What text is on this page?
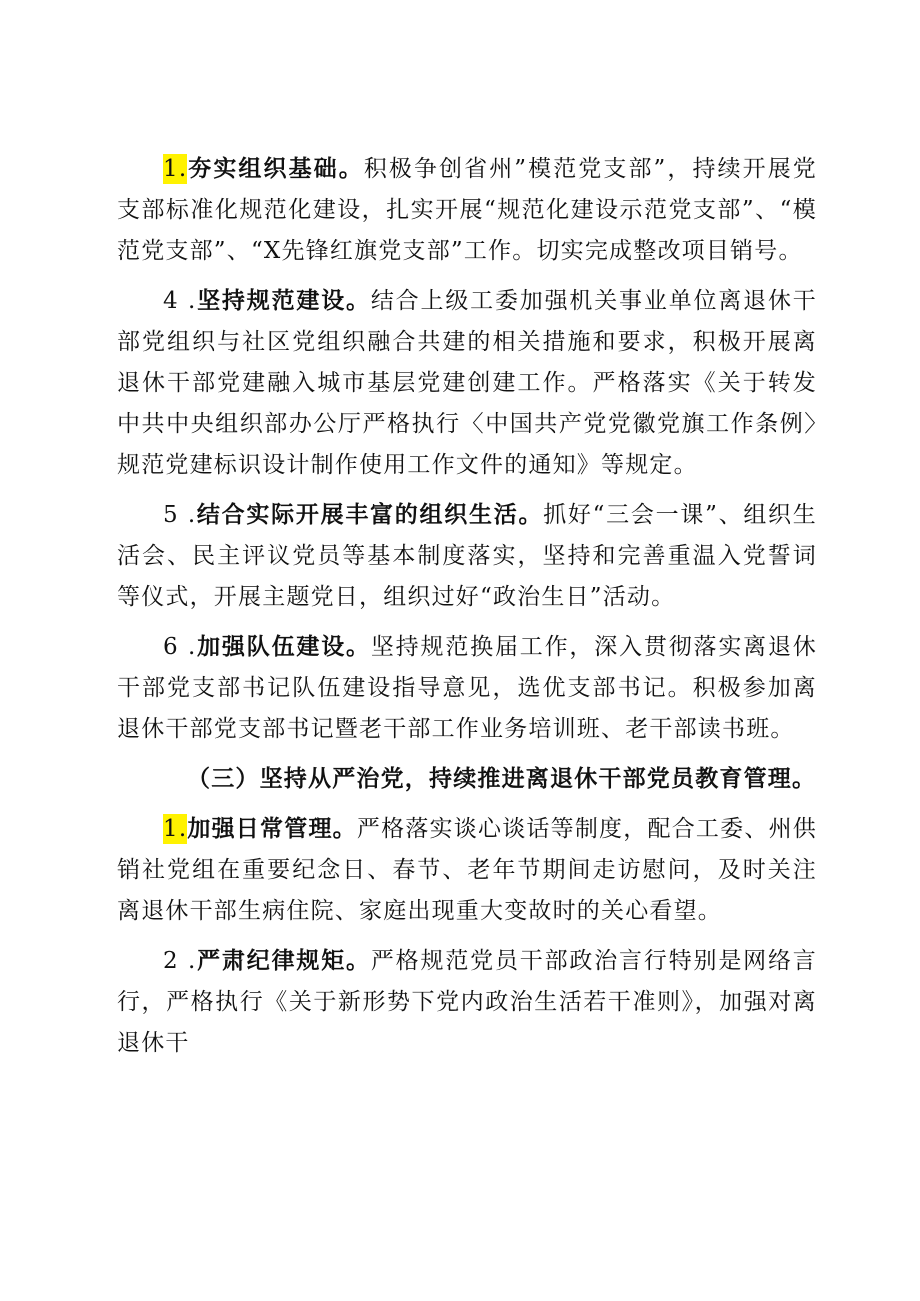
1.夯实组织基础。积极争创省州”模范党支部”，持续开展党支部标准化规范化建设，扎实开展“规范化建设示范党支部”、“模范党支部”、“X先锋红旗党支部”工作。切实完成整改项目销号。

4 .坚持规范建设。结合上级工委加强机关事业单位离退休干部党组织与社区党组织融合共建的相关措施和要求，积极开展离退休干部党建融入城市基层党建创建工作。严格落实《关于转发中共中央组织部办公厅严格执行〈中国共产党党徽党旗工作条例〉规范党建标识设计制作使用工作文件的通知》等规定。

5 .结合实际开展丰富的组织生活。抓好“三会一课”、组织生活会、民主评议党员等基本制度落实，坚持和完善重温入党誓词等仪式，开展主题党日，组织过好“政治生日”活动。

6 .加强队伍建设。坚持规范换届工作，深入贯彻落实离退休干部党支部书记队伍建设指导意见，选优支部书记。积极参加离退休干部党支部书记暨老干部工作业务培训班、老干部读书班。

（三）坚持从严治党，持续推进离退休干部党员教育管理。

1.加强日常管理。严格落实谈心谈话等制度，配合工委、州供销社党组在重要纪念日、春节、老年节期间走访慰问，及时关注离退休干部生病住院、家庭出现重大变故时的关心看望。

2 .严肃纪律规矩。严格规范党员干部政治言行特别是网络言行，严格执行《关于新形势下党内政治生活若干准则》，加强对离退休干
